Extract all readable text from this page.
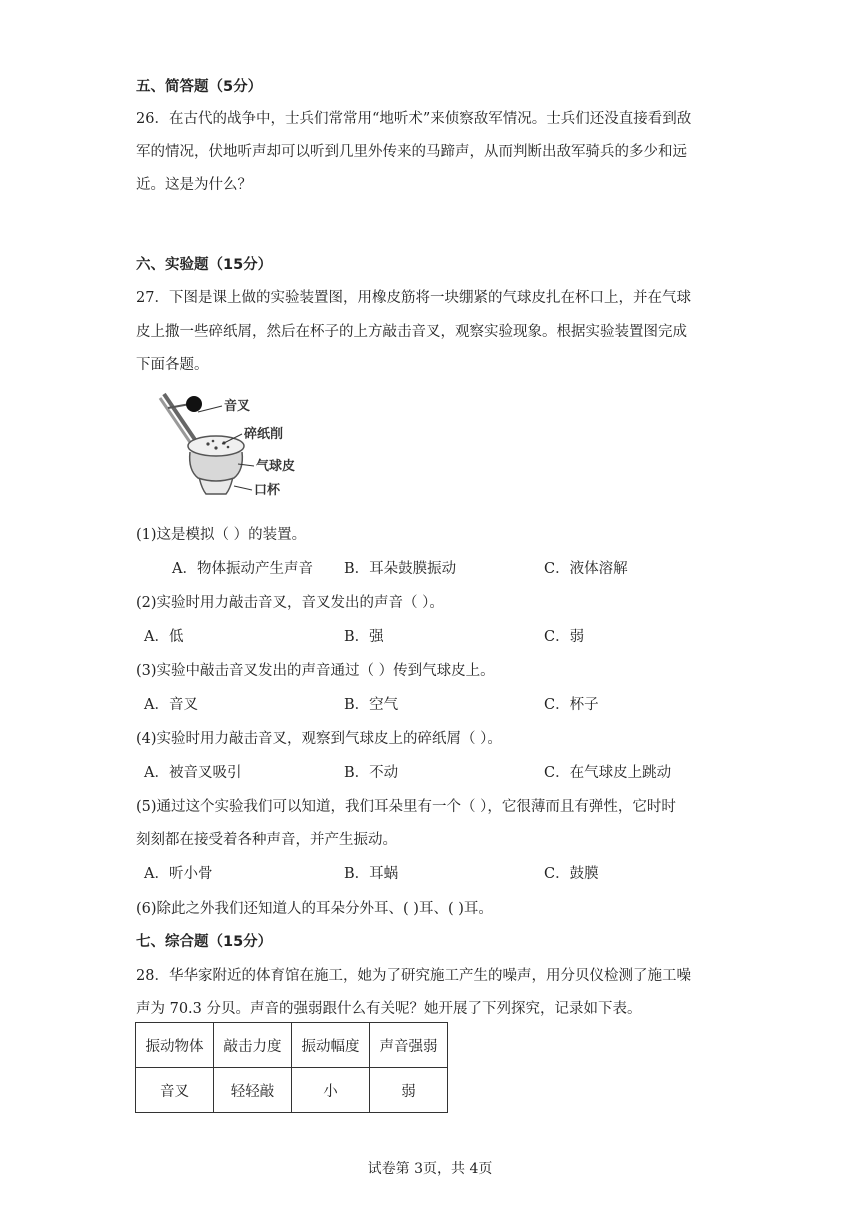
五、简答题（5分）
26．在古代的战争中，士兵们常常用“地听术”来侦察敌军情况。士兵们还没直接看到敌
军的情况，伏地听声却可以听到几里外传来的马蹄声，从而判断出敌军骑兵的多少和远
近。这是为什么？
六、实验题（15分）
27．下图是课上做的实验装置图，用橡皮筋将一块绷紧的气球皮扎在杯口上，并在气球
皮上撒一些碎纸屑，然后在杯子的上方敲击音叉，观察实验现象。根据实验装置图完成
下面各题。
音叉
碎纸削
气球皮
口杯
(1)这是模拟（ ）的装置。
A．物体振动产生声音 B．耳朵鼓膜振动	C．液体溶解
(2)实验时用力敲击音叉，音叉发出的声音（ ）。
A．低	B．强	C．弱
(3)实验中敲击音叉发出的声音通过（ ）传到气球皮上。
A．音叉	B．空气	C．杯子
(4)实验时用力敲击音叉，观察到气球皮上的碎纸屑（ ）。
A．被音叉吸引	B．不动	C．在气球皮上跳动
(5)通过这个实验我们可以知道，我们耳朵里有一个（ ），它很薄而且有弹性，它时时
刻刻都在接受着各种声音，并产生振动。
A．听小骨	B．耳蜗	C．鼓膜
(6)除此之外我们还知道人的耳朵分外耳、( )耳、( )耳。
七、综合题（15分）
28．华华家附近的体育馆在施工，她为了研究施工产生的噪声，用分贝仪检测了施工噪
声为 70.3 分贝。声音的强弱跟什么有关呢？她开展了下列探究，记录如下表。
振动物体	敲击力度	振动幅度	声音强弱
音叉	轻轻敲	小	弱
试卷第 3页，共 4页
